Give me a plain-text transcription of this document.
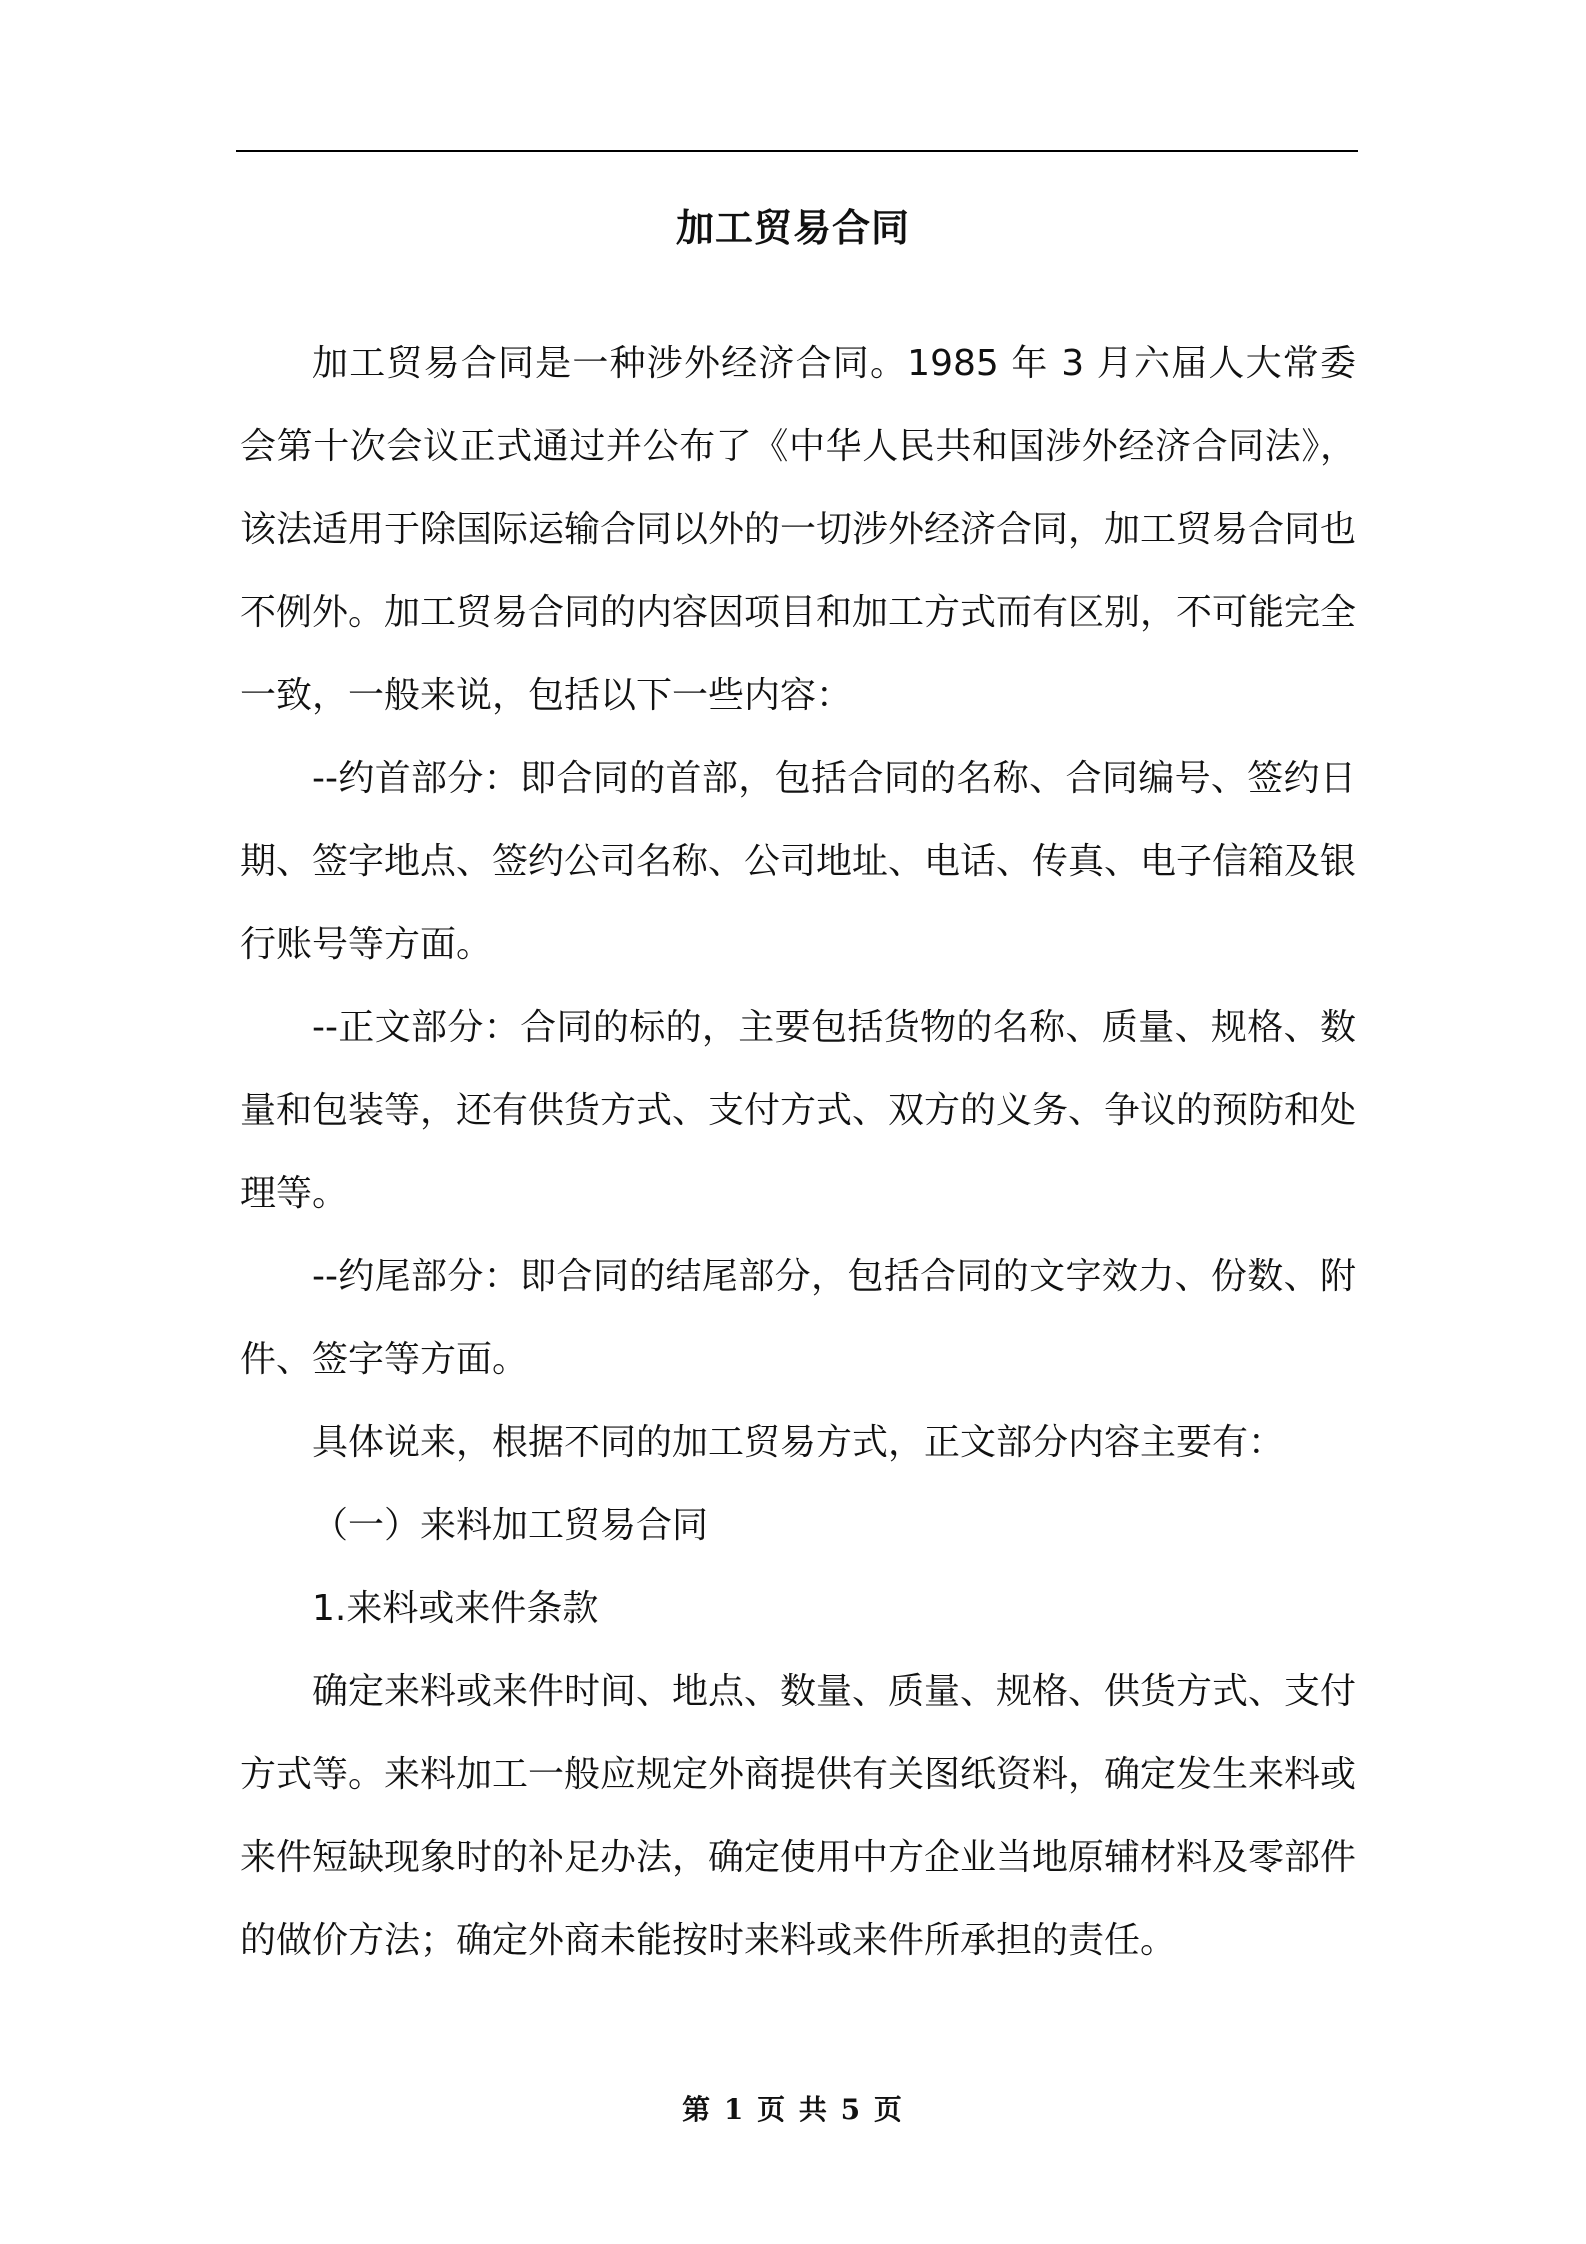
加工贸易合同

加工贸易合同是一种涉外经济合同。1985 年 3 月六届人大常委会第十次会议正式通过并公布了《中华人民共和国涉外经济合同法》，该法适用于除国际运输合同以外的一切涉外经济合同，加工贸易合同也不例外。加工贸易合同的内容因项目和加工方式而有区别，不可能完全一致，一般来说，包括以下一些内容：

--约首部分：即合同的首部，包括合同的名称、合同编号、签约日期、签字地点、签约公司名称、公司地址、电话、传真、电子信箱及银行账号等方面。

--正文部分：合同的标的，主要包括货物的名称、质量、规格、数量和包装等，还有供货方式、支付方式、双方的义务、争议的预防和处理等。

--约尾部分：即合同的结尾部分，包括合同的文字效力、份数、附件、签字等方面。

具体说来，根据不同的加工贸易方式，正文部分内容主要有：

（一）来料加工贸易合同

1.来料或来件条款

确定来料或来件时间、地点、数量、质量、规格、供货方式、支付方式等。来料加工一般应规定外商提供有关图纸资料，确定发生来料或来件短缺现象时的补足办法，确定使用中方企业当地原辅材料及零部件的做价方法；确定外商未能按时来料或来件所承担的责任。

第 1 页 共 5 页
